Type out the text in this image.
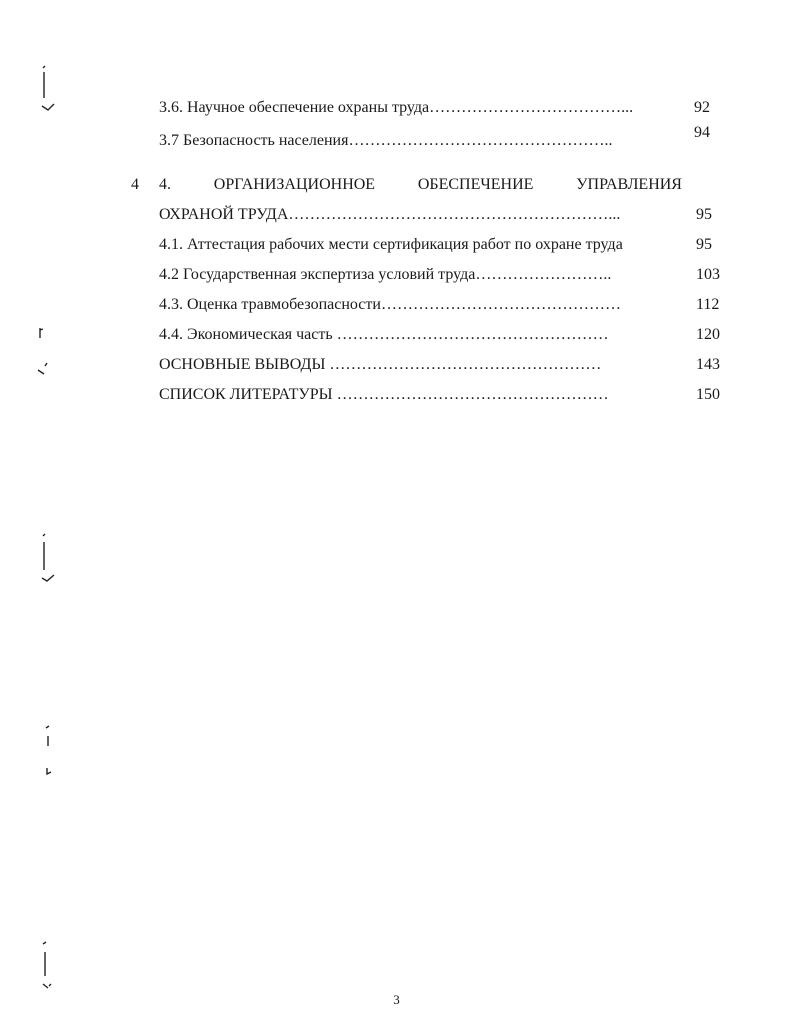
3.6. Научное обеспечение охраны труда………………………………...	92
3.7 Безопасность населения…………………………………………..	94
4 4.	ОРГАНИЗАЦИОННОЕ	ОБЕСПЕЧЕНИЕ	УПРАВЛЕНИЯ
ОХРАНОЙ ТРУДА……………………………………………………...	95
4.1. Аттестация рабочих мести сертификация работ по охране труда	95
4.2 Государственная экспертиза условий труда……………………..	103
4.3. Оценка травмобезопасности………………………………………	112
4.4. Экономическая часть ……………………………………………	120
ОСНОВНЫЕ ВЫВОДЫ ……………………………………………	143
СПИСОК ЛИТЕРАТУРЫ ……………………………………………	150
3
